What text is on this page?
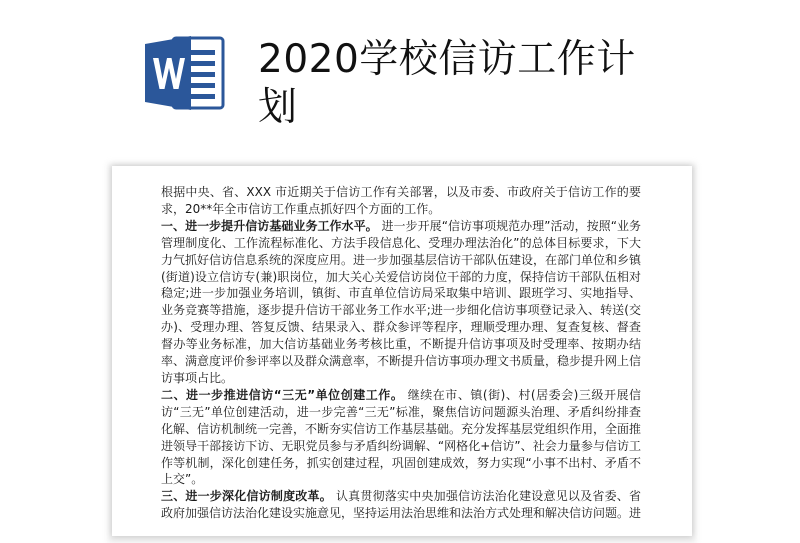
2020学校信访工作计划

根据中央、省、XXX 市近期关于信访工作有关部署，以及市委、市政府关于信访工作的要求，20**年全市信访工作重点抓好四个方面的工作。

一、进一步提升信访基础业务工作水平。 进一步开展“信访事项规范办理”活动，按照“业务管理制度化、工作流程标准化、方法手段信息化、受理办理法治化”的总体目标要求，下大力气抓好信访信息系统的深度应用。进一步加强基层信访干部队伍建设，在部门单位和乡镇(街道)设立信访专(兼)职岗位，加大关心关爱信访岗位干部的力度，保持信访干部队伍相对稳定;进一步加强业务培训，镇街、市直单位信访局采取集中培训、跟班学习、实地指导、业务竞赛等措施，逐步提升信访干部业务工作水平;进一步细化信访事项登记录入、转送(交办)、受理办理、答复反馈、结果录入、群众参评等程序，理顺受理办理、复查复核、督查督办等业务标准，加大信访基础业务考核比重，不断提升信访事项及时受理率、按期办结率、满意度评价参评率以及群众满意率，不断提升信访事项办理文书质量，稳步提升网上信访事项占比。

二、进一步推进信访“三无”单位创建工作。 继续在市、镇(街)、村(居委会)三级开展信访“三无”单位创建活动，进一步完善“三无”标准，聚焦信访问题源头治理、矛盾纠纷排查化解、信访机制统一完善，不断夯实信访工作基层基础。充分发挥基层党组织作用，全面推进领导干部接访下访、无职党员参与矛盾纠纷调解、“网格化+信访”、社会力量参与信访工作等机制，深化创建任务，抓实创建过程，巩固创建成效，努力实现“小事不出村、矛盾不上交”。

三、进一步深化信访制度改革。 认真贯彻落实中央加强信访法治化建设意见以及省委、省政府加强信访法治化建设实施意见，坚持运用法治思维和法治方式处理和解决信访问题。进
